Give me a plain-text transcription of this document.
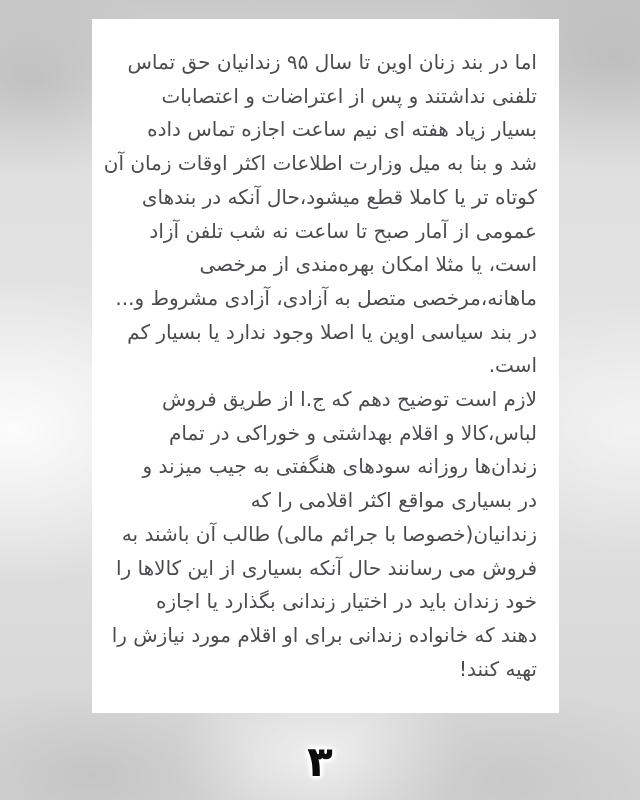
اما در بند زنان اوین تا سال ۹۵ زندانیان حق تماس
تلفنی نداشتند و پس از اعتراضات و اعتصابات
بسیار زیاد هفته ای نیم ساعت اجازه تماس داده
شد و بنا به میل وزارت اطلاعات اکثر اوقات زمان آن
کوتاه تر یا کاملا قطع میشود،حال آنکه در بندهای
عمومی از آمار صبح تا ساعت نه شب تلفن آزاد
است، یا مثلا امکان بهره‌مندی از مرخصی
ماهانه،مرخصی متصل به آزادی، آزادی مشروط و...
در بند سیاسی اوین یا اصلا وجود ندارد یا بسیار کم
است.
لازم است توضیح دهم که ج.ا از طریق فروش
لباس،کالا و اقلام بهداشتی و خوراکی در تمام
زندان‌ها روزانه سودهای هنگفتی به جیب میزند و
در بسیاری مواقع اکثر اقلامی را که
زندانیان(خصوصا با جرائم مالی) طالب آن باشند به
فروش می رسانند حال آنکه بسیاری از این کالاها را
خود زندان باید در اختیار زندانی بگذارد یا اجازه
دهند که خانواده زندانی برای او اقلام مورد نیازش را
تهیه کنند!
۳
